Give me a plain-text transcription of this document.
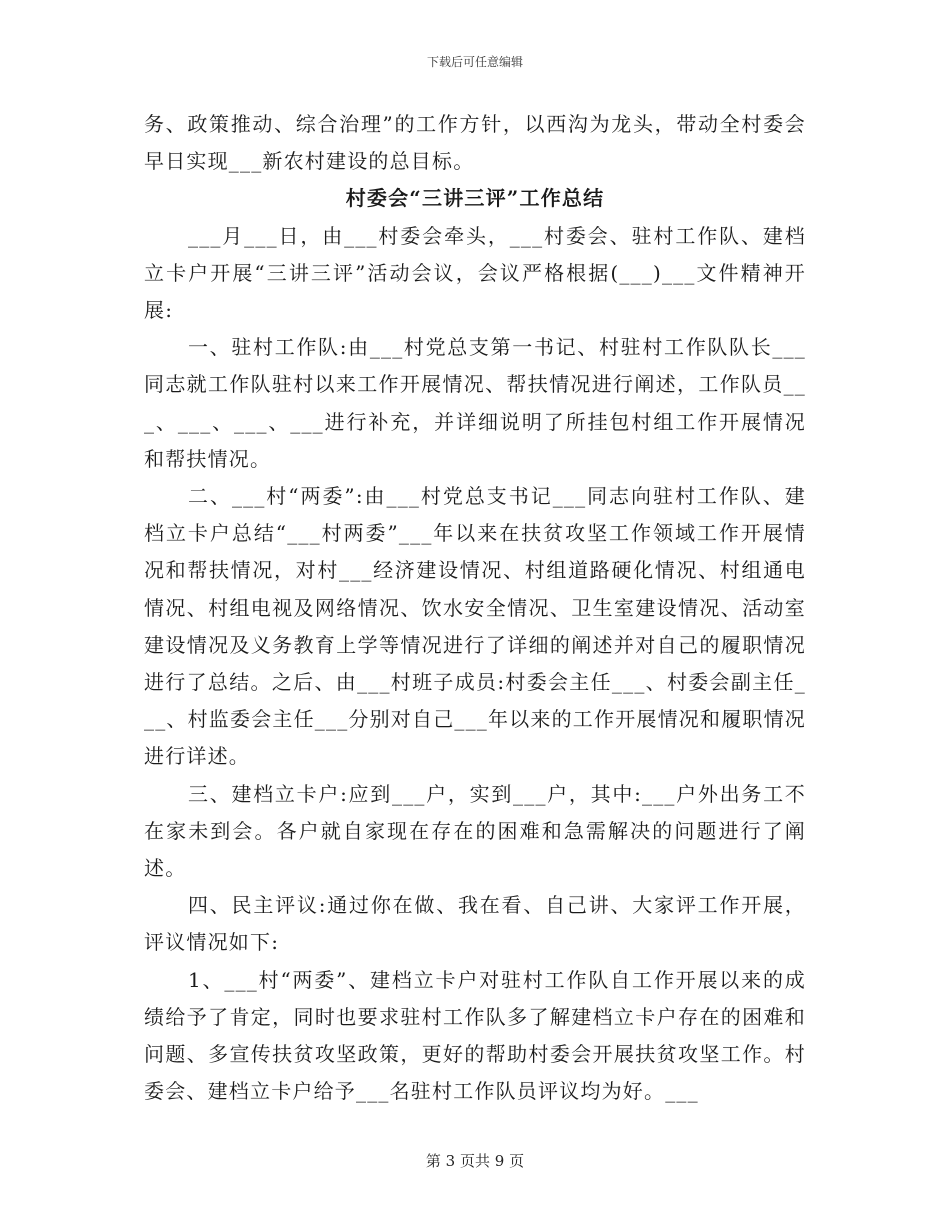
下载后可任意编辑

务、政策推动、综合治理”的工作方针，以西沟为龙头，带动全村委会早日实现___新农村建设的总目标。

村委会“三讲三评”工作总结

___月___日，由___村委会牵头，___村委会、驻村工作队、建档立卡户开展“三讲三评”活动会议，会议严格根据(___)___文件精神开展:

一、驻村工作队:由___村党总支第一书记、村驻村工作队队长___同志就工作队驻村以来工作开展情况、帮扶情况进行阐述，工作队员___、___、___、___进行补充，并详细说明了所挂包村组工作开展情况和帮扶情况。

二、___村“两委”:由___村党总支书记___同志向驻村工作队、建档立卡户总结“___村两委”___年以来在扶贫攻坚工作领域工作开展情况和帮扶情况，对村___经济建设情况、村组道路硬化情况、村组通电情况、村组电视及网络情况、饮水安全情况、卫生室建设情况、活动室建设情况及义务教育上学等情况进行了详细的阐述并对自己的履职情况进行了总结。之后、由___村班子成员:村委会主任___、村委会副主任___、村监委会主任___分别对自己___年以来的工作开展情况和履职情况进行详述。

三、建档立卡户:应到___户，实到___户，其中:___户外出务工不在家未到会。各户就自家现在存在的困难和急需解决的问题进行了阐述。

四、民主评议:通过你在做、我在看、自己讲、大家评工作开展，评议情况如下:

1、___村“两委”、建档立卡户对驻村工作队自工作开展以来的成绩给予了肯定，同时也要求驻村工作队多了解建档立卡户存在的困难和问题、多宣传扶贫攻坚政策，更好的帮助村委会开展扶贫攻坚工作。村委会、建档立卡户给予___名驻村工作队员评议均为好。___

第 3 页共 9 页
